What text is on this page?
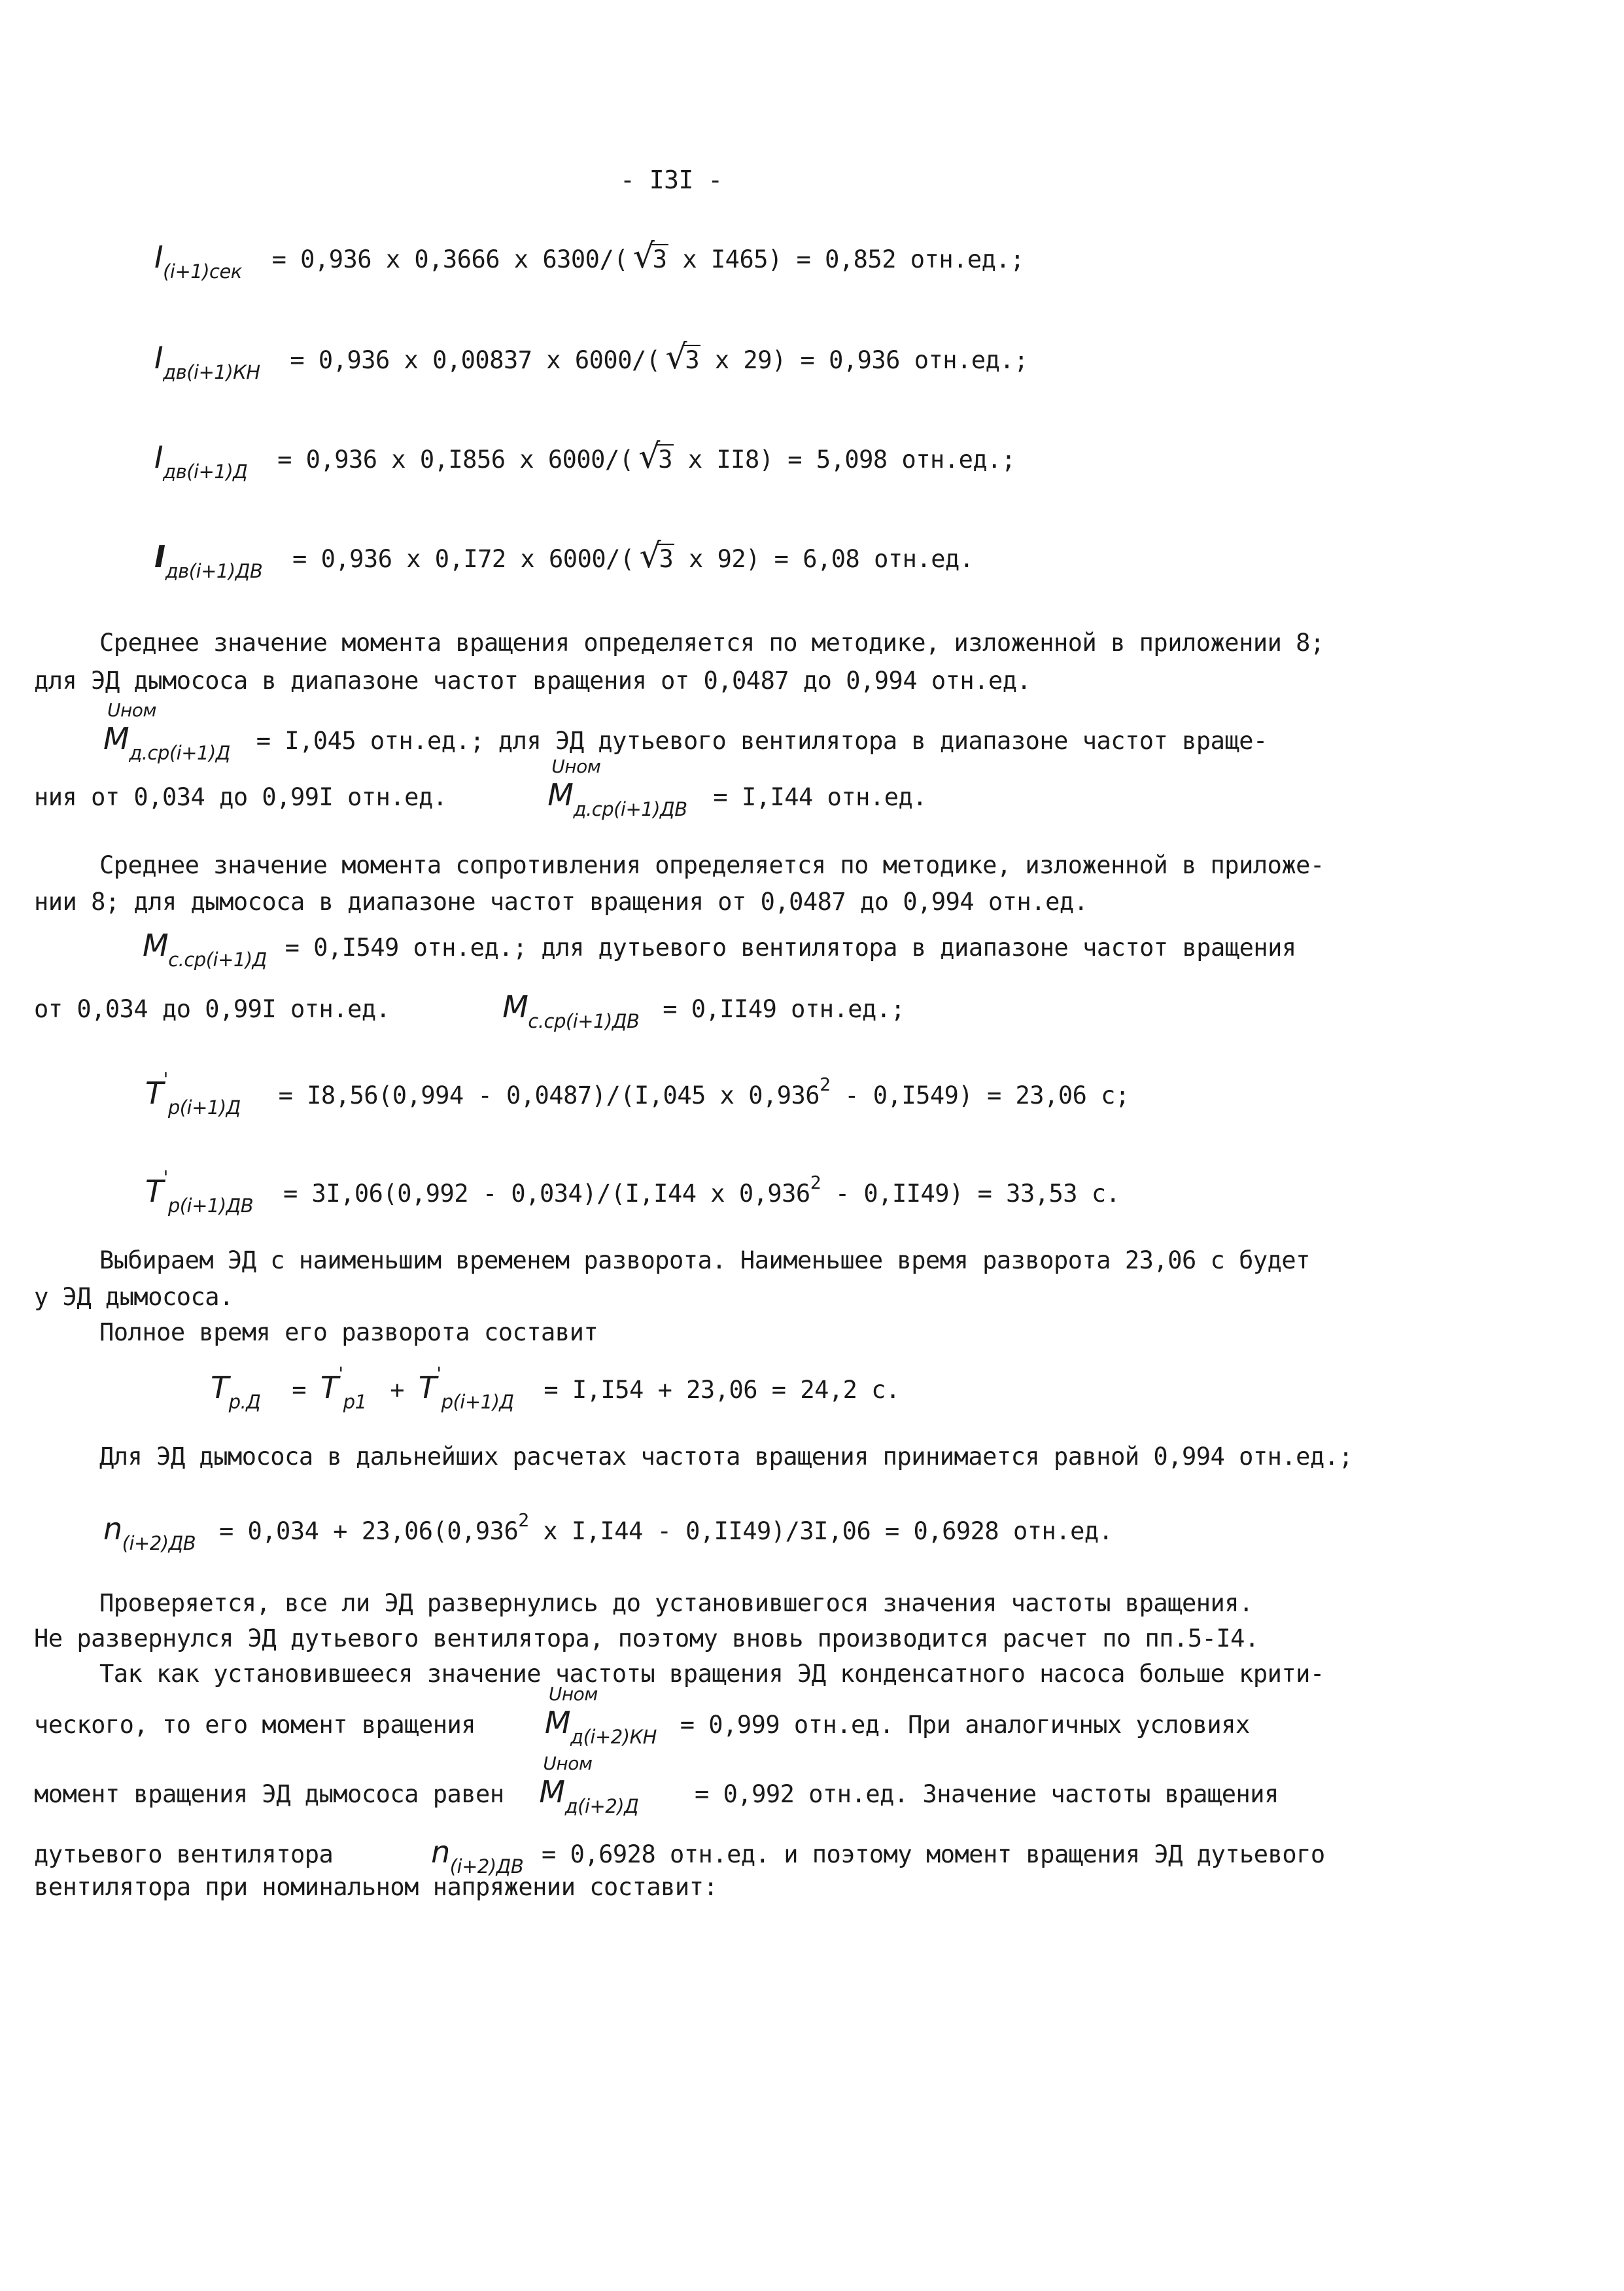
- I3I -
$I_{(i+1)сек} = 0,936$ x 0,3666 x 6300/( √ 3 x I465) = 0,852 отн.ед.;
$I_{дв(i+1)КН} = 0,936$ x 0,00837 x 6000/( √ 3 x 29) = 0,936 отн.ед.;
$I_{дв(i+1)Д} = 0,936$ x 0,I856 x 6000/( √ 3 x II8) = 5,098 отн.ед.;
$I_{дв(i+1)ДВ} = 0,936$ x 0,I72 x 6000/( √ 3 x 92) = 6,08 отн.ед.
Среднее значение момента вращения определяется по методике, изложенной в приложении 8;
для ЭД дымососа в диапазоне частот вращения от 0,0487 до 0,994 отн.ед.
Uном
$M_{д.ср(i+1)Д} = I,045$ отн.ед.; для ЭД дутьевого вентилятора в диапазоне частот враще-
ния от 0,034 до 0,99I отн.ед.
Uном
$M_{д.ср(i+1)ДВ} = I,I44$ отн.ед.
Среднее значение момента сопротивления определяется по методике, изложенной в приложе-
нии 8; для дымососа в диапазоне частот вращения от 0,0487 до 0,994 отн.ед.
$M_{с.ср(i+1)Д} = 0,I549$ отн.ед.; для дутьевого вентилятора в диапазоне частот вращения
от 0,034 до 0,99I отн.ед.	$M_{с.ср(i+1)ДВ} = 0,II49$ отн.ед.;
$T'_{р(i+1)Д} = I8,56(0,994 - 0,0487)/(I,045$ x 0,936$^2$ - 0,I549) = 23,06 с;
$T'_{р(i+1)ДВ} = 3I,06(0,992 - 0,034)/(I,I44$ x 0,936$^2$ - 0,II49) = 33,53 с.
Выбираем ЭД с наименьшим временем разворота. Наименьшее время разворота 23,06 с будет
у ЭД дымососа.
Полное время его разворота составит
$T_{р.Д} = T'_{р1} + T'_{р(i+1)Д} = I,I54 + 23,06 = 24,2$ с.
Для ЭД дымососа в дальнейших расчетах частота вращения принимается равной 0,994 отн.ед.;
$n_{(i+2)ДВ} = 0,034 + 23,06(0,936^2$ x I,I44 - 0,II49)/3I,06 = 0,6928 отн.ед.
Проверяется, все ли ЭД развернулись до установившегося значения частоты вращения.
Не развернулся ЭД дутьевого вентилятора, поэтому вновь производится расчет по пп.5-I4.
Так как установившееся значение частоты вращения ЭД конденсатного насоса больше крити-
ческого, то его момент вращения
Uном
$M_{д(i+2)КН} = 0,999$ отн.ед. При аналогичных условиях
момент вращения ЭД дымососа равен
Uном
$M_{д(i+2)Д} = 0,992$ отн.ед. Значение частоты вращения
дутьевого вентилятора	$n_{(i+2)ДВ} = 0,6928$ отн.ед. и поэтому момент вращения ЭД дутьевого
вентилятора при номинальном напряжении составит:
